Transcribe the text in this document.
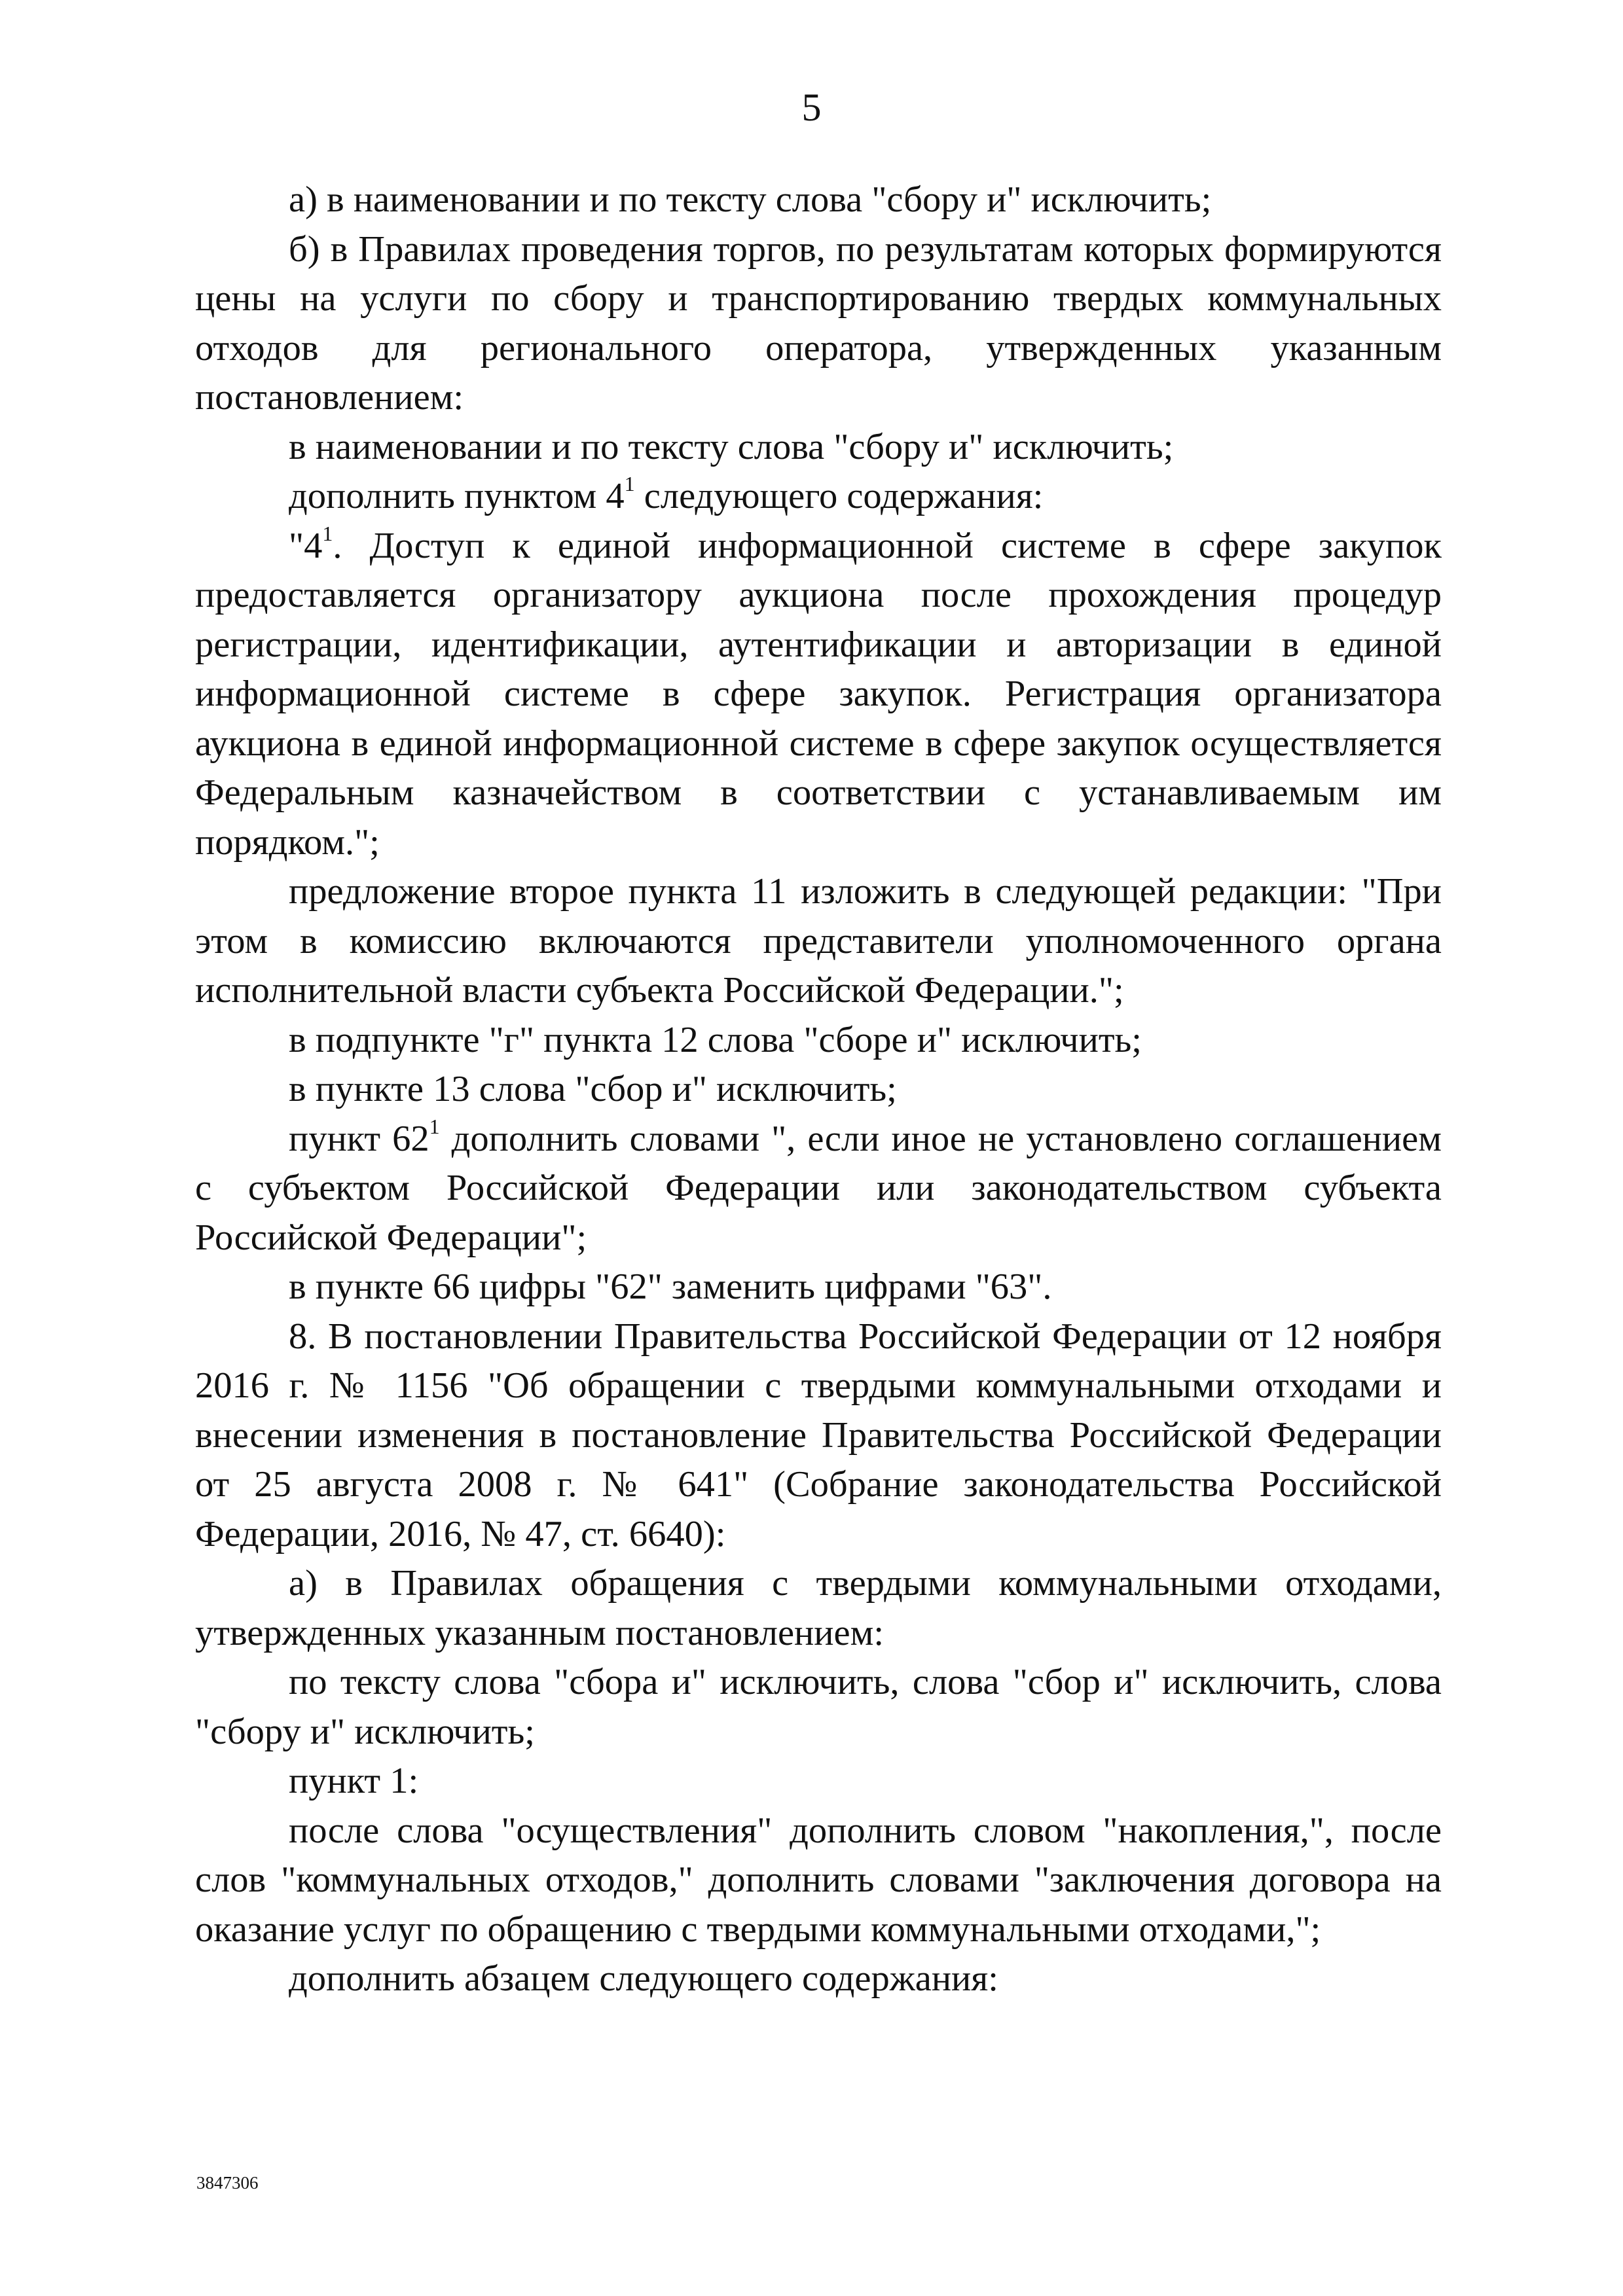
5

а) в наименовании и по тексту слова "сбору и" исключить;

б) в Правилах проведения торгов, по результатам которых формируются цены на услуги по сбору и транспортированию твердых коммунальных отходов для регионального оператора, утвержденных указанным постановлением:

в наименовании и по тексту слова "сбору и" исключить;

дополнить пунктом $4^1$ следующего содержания:

"$4^1$. Доступ к единой информационной системе в сфере закупок предоставляется организатору аукциона после прохождения процедур регистрации, идентификации, аутентификации и авторизации в единой информационной системе в сфере закупок. Регистрация организатора аукциона в единой информационной системе в сфере закупок осуществляется Федеральным казначейством в соответствии с устанавливаемым им порядком.";

предложение второе пункта 11 изложить в следующей редакции: "При этом в комиссию включаются представители уполномоченного органа исполнительной власти субъекта Российской Федерации.";

в подпункте "г" пункта 12 слова "сборе и" исключить;

в пункте 13 слова "сбор и" исключить;

пункт $62^1$ дополнить словами ", если иное не установлено соглашением с субъектом Российской Федерации или законодательством субъекта Российской Федерации";

в пункте 66 цифры "62" заменить цифрами "63".

8. В постановлении Правительства Российской Федерации от 12 ноября 2016 г. № 1156 "Об обращении с твердыми коммунальными отходами и внесении изменения в постановление Правительства Российской Федерации от 25 августа 2008 г. № 641" (Собрание законодательства Российской Федерации, 2016, № 47, ст. 6640):

а) в Правилах обращения с твердыми коммунальными отходами, утвержденных указанным постановлением:

по тексту слова "сбора и" исключить, слова "сбор и" исключить, слова "сбору и" исключить;

пункт 1:

после слова "осуществления" дополнить словом "накопления,", после слов "коммунальных отходов," дополнить словами "заключения договора на оказание услуг по обращению с твердыми коммунальными отходами,";

дополнить абзацем следующего содержания:

3847306
